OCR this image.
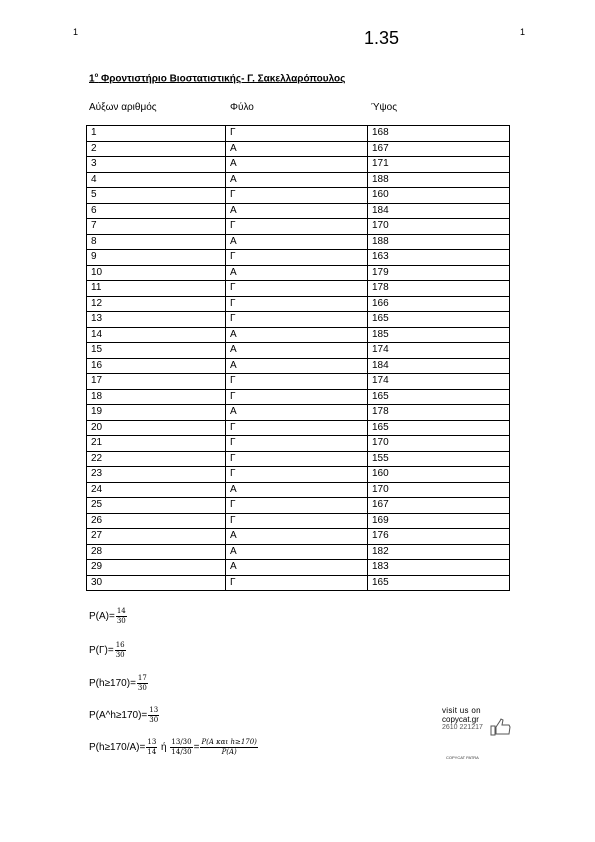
1	1
1.35
$1^o$ Φροντιστήριο Βιοστατιστικής- Γ. Σακελλαρόπουλος
Αύξων αριθμός	Φύλο	Ύψος
1	Γ	168
2	Α	167
3	Α	171
4	Α	188
5	Γ	160
6	Α	184
7	Γ	170
8	Α	188
9	Γ	163
10	Α	179
11	Γ	178
12	Γ	166
13	Γ	165
14	Α	185
15	Α	174
16	Α	184
17	Γ	174
18	Γ	165
19	Α	178
20	Γ	165
21	Γ	170
22	Γ	155
23	Γ	160
24	Α	170
25	Γ	167
26	Γ	169
27	Α	176
28	Α	182
29	Α	183
30	Γ	165
$P(A)= \frac{14}{30}$
$P(\Gamma)= \frac{16}{30}$
$P(h\ge 170)= \frac{17}{30}$
P(A^h≥170)= $\frac{13}{30}$
$P(h\ge 170/A)= \frac{13}{14}$ ή $\frac{13/30}{14/30}$ =
P(A και h≥170)
P(A)
visit us on
copycat.gr
2610 221217
COPYCAT PATRA
